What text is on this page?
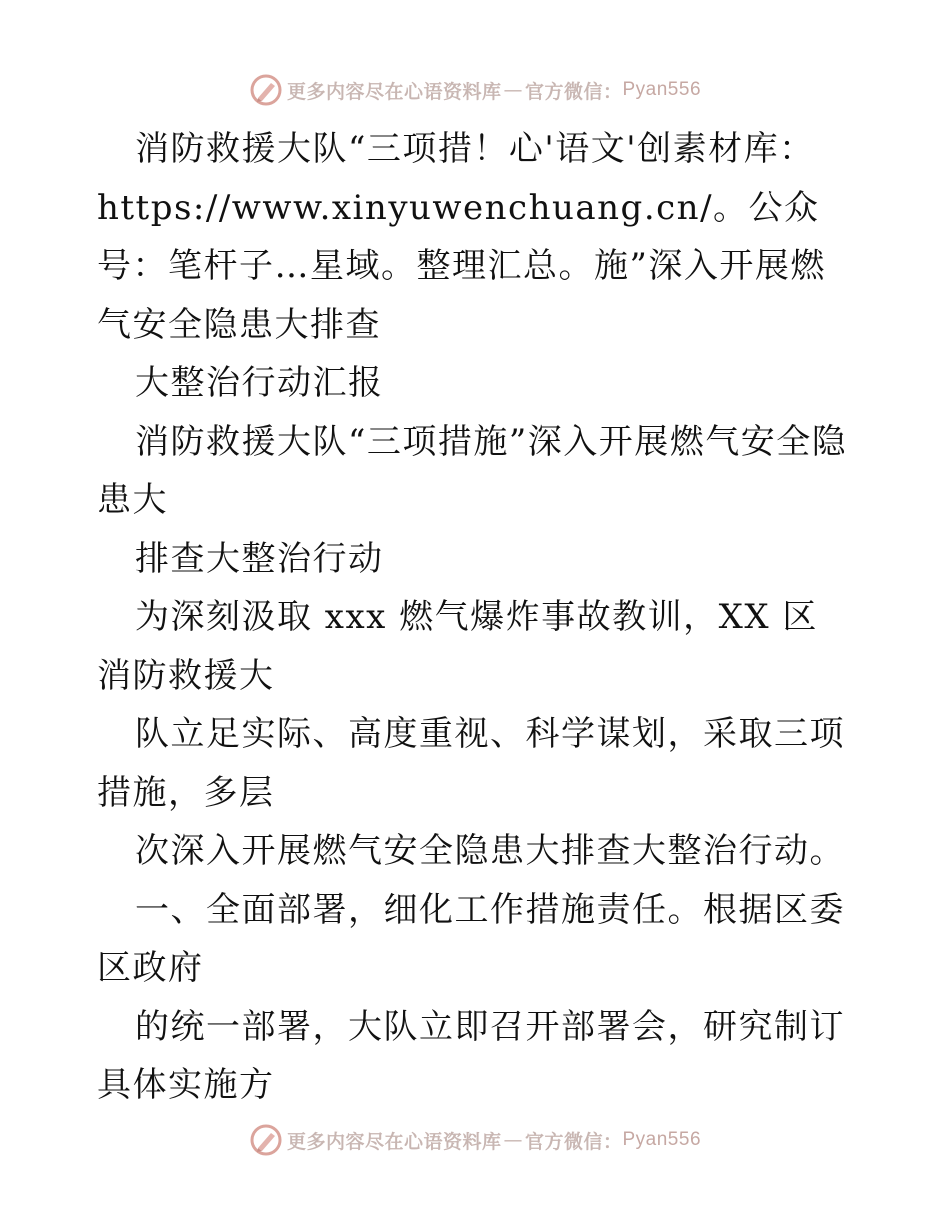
更多内容尽在心语资料库 — 官方微信： Pyan556

消防救援大队“三项措！心'语文'创素材库：https://www.xinyuwenchuang.cn/。公众号：笔杆子…星域。整理汇总。施”深入开展燃气安全隐患大排查

大整治行动汇报

消防救援大队“三项措施”深入开展燃气安全隐患大

排查大整治行动

为深刻汲取 xxx 燃气爆炸事故教训，XX 区消防救援大

队立足实际、高度重视、科学谋划，采取三项措施，多层

次深入开展燃气安全隐患大排查大整治行动。

一、全面部署，细化工作措施责任。根据区委区政府

的统一部署，大队立即召开部署会，研究制订具体实施方

更多内容尽在心语资料库 — 官方微信： Pyan556
